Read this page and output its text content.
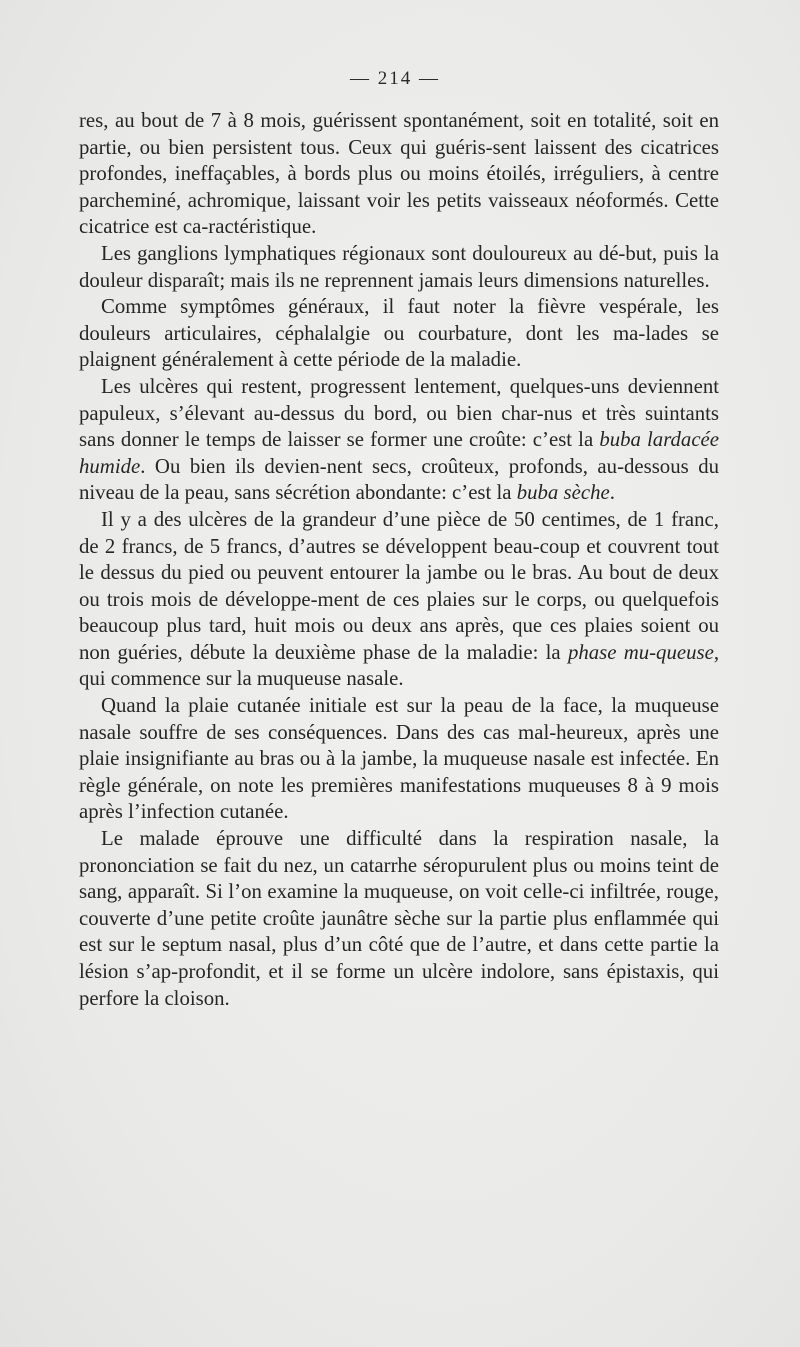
— 214 —

res, au bout de 7 à 8 mois, guérissent spontanément, soit en totalité, soit en partie, ou bien persistent tous. Ceux qui guéris-sent laissent des cicatrices profondes, ineffaçables, à bords plus ou moins étoilés, irréguliers, à centre parcheminé, achromique, laissant voir les petits vaisseaux néoformés. Cette cicatrice est ca-ractéristique.

Les ganglions lymphatiques régionaux sont douloureux au dé-but, puis la douleur disparaît; mais ils ne reprennent jamais leurs dimensions naturelles.

Comme symptômes généraux, il faut noter la fièvre vespérale, les douleurs articulaires, céphalalgie ou courbature, dont les ma-lades se plaignent généralement à cette période de la maladie.

Les ulcères qui restent, progressent lentement, quelques-uns deviennent papuleux, s’élevant au-dessus du bord, ou bien char-nus et très suintants sans donner le temps de laisser se former une croûte: c’est la buba lardacée humide. Ou bien ils devien-nent secs, croûteux, profonds, au-dessous du niveau de la peau, sans sécrétion abondante: c’est la buba sèche.

Il y a des ulcères de la grandeur d’une pièce de 50 centimes, de 1 franc, de 2 francs, de 5 francs, d’autres se développent beau-coup et couvrent tout le dessus du pied ou peuvent entourer la jambe ou le bras. Au bout de deux ou trois mois de développe-ment de ces plaies sur le corps, ou quelquefois beaucoup plus tard, huit mois ou deux ans après, que ces plaies soient ou non guéries, débute la deuxième phase de la maladie: la phase mu-queuse, qui commence sur la muqueuse nasale.

Quand la plaie cutanée initiale est sur la peau de la face, la muqueuse nasale souffre de ses conséquences. Dans des cas mal-heureux, après une plaie insignifiante au bras ou à la jambe, la muqueuse nasale est infectée. En règle générale, on note les premières manifestations muqueuses 8 à 9 mois après l’infection cutanée.

Le malade éprouve une difficulté dans la respiration nasale, la prononciation se fait du nez, un catarrhe séropurulent plus ou moins teint de sang, apparaît. Si l’on examine la muqueuse, on voit celle-ci infiltrée, rouge, couverte d’une petite croûte jaunâtre sèche sur la partie plus enflammée qui est sur le septum nasal, plus d’un côté que de l’autre, et dans cette partie la lésion s’ap-profondit, et il se forme un ulcère indolore, sans épistaxis, qui perfore la cloison.
